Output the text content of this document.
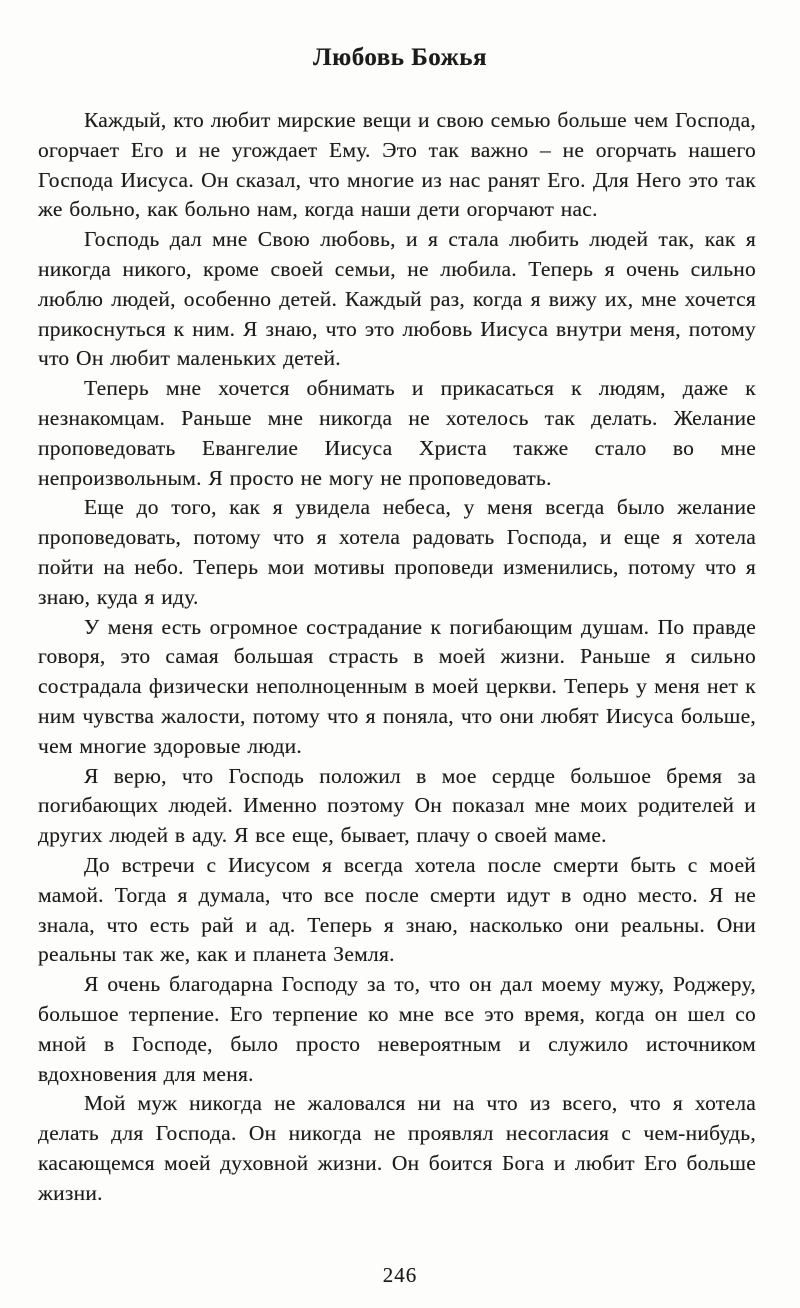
Любовь Божья

Каждый, кто любит мирские вещи и свою семью больше чем Господа, огорчает Его и не угождает Ему. Это так важно – не огорчать нашего Господа Иисуса. Он сказал, что многие из нас ранят Его. Для Него это так же больно, как больно нам, когда наши дети огорчают нас.

Господь дал мне Свою любовь, и я стала любить людей так, как я никогда никого, кроме своей семьи, не любила. Теперь я очень сильно люблю людей, особенно детей. Каждый раз, когда я вижу их, мне хочется прикоснуться к ним. Я знаю, что это любовь Иисуса внутри меня, потому что Он любит маленьких детей.

Теперь мне хочется обнимать и прикасаться к людям, даже к незнакомцам. Раньше мне никогда не хотелось так делать. Желание проповедовать Евангелие Иисуса Христа также стало во мне непроизвольным. Я просто не могу не проповедовать.

Еще до того, как я увидела небеса, у меня всегда было желание проповедовать, потому что я хотела радовать Господа, и еще я хотела пойти на небо. Теперь мои мотивы проповеди изменились, потому что я знаю, куда я иду.

У меня есть огромное сострадание к погибающим душам. По правде говоря, это самая большая страсть в моей жизни. Раньше я сильно сострадала физически неполноценным в моей церкви. Теперь у меня нет к ним чувства жалости, потому что я поняла, что они любят Иисуса больше, чем многие здоровые люди.

Я верю, что Господь положил в мое сердце большое бремя за погибающих людей. Именно поэтому Он показал мне моих родителей и других людей в аду. Я все еще, бывает, плачу о своей маме.

До встречи с Иисусом я всегда хотела после смерти быть с моей мамой. Тогда я думала, что все после смерти идут в одно место. Я не знала, что есть рай и ад. Теперь я знаю, насколько они реальны. Они реальны так же, как и планета Земля.

Я очень благодарна Господу за то, что он дал моему мужу, Роджеру, большое терпение. Его терпение ко мне все это время, когда он шел со мной в Господе, было просто невероятным и служило источником вдохновения для меня.

Мой муж никогда не жаловался ни на что из всего, что я хотела делать для Господа. Он никогда не проявлял несогласия с чем-нибудь, касающемся моей духовной жизни. Он боится Бога и любит Его больше жизни.

246
